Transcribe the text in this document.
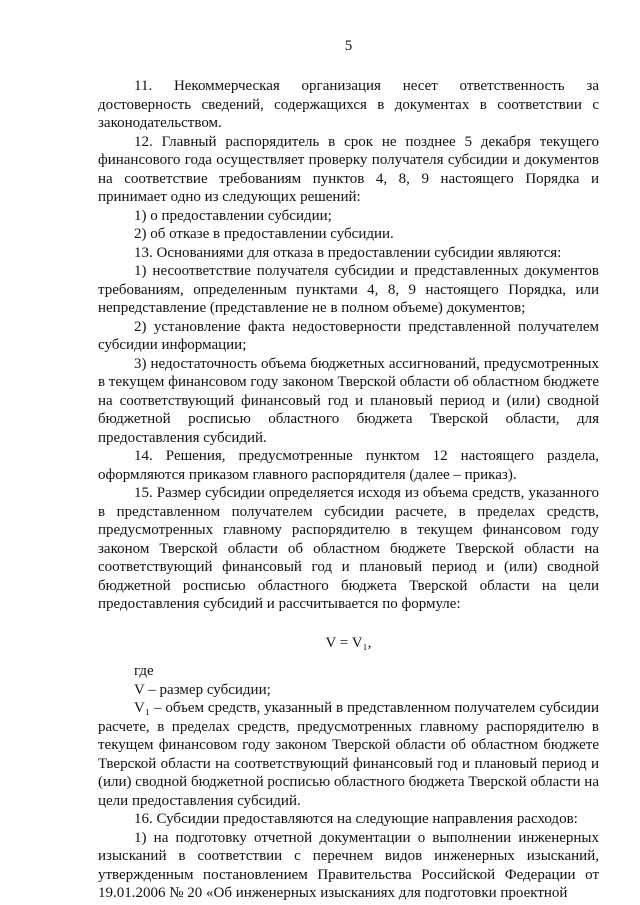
5

11. Некоммерческая организация несет ответственность за достоверность сведений, содержащихся в документах в соответствии с законодательством.

12. Главный распорядитель в срок не позднее 5 декабря текущего финансового года осуществляет проверку получателя субсидии и документов на соответствие требованиям пунктов 4, 8, 9 настоящего Порядка и принимает одно из следующих решений:

1) о предоставлении субсидии;

2) об отказе в предоставлении субсидии.

13. Основаниями для отказа в предоставлении субсидии являются:

1) несоответствие получателя субсидии и представленных документов требованиям, определенным пунктами 4, 8, 9 настоящего Порядка, или непредставление (представление не в полном объеме) документов;

2) установление факта недостоверности представленной получателем субсидии информации;

3) недостаточность объема бюджетных ассигнований, предусмотренных в текущем финансовом году законом Тверской области об областном бюджете на соответствующий финансовый год и плановый период и (или) сводной бюджетной росписью областного бюджета Тверской области, для предоставления субсидий.

14. Решения, предусмотренные пунктом 12 настоящего раздела, оформляются приказом главного распорядителя (далее – приказ).

15. Размер субсидии определяется исходя из объема средств, указанного в представленном получателем субсидии расчете, в пределах средств, предусмотренных главному распорядителю в текущем финансовом году законом Тверской области об областном бюджете Тверской области на соответствующий финансовый год и плановый период и (или) сводной бюджетной росписью областного бюджета Тверской области на цели предоставления субсидий и рассчитывается по формуле:

V = V₁,

где

V – размер субсидии;

V₁ – объем средств, указанный в представленном получателем субсидии расчете, в пределах средств, предусмотренных главному распорядителю в текущем финансовом году законом Тверской области об областном бюджете Тверской области на соответствующий финансовый год и плановый период и (или) сводной бюджетной росписью областного бюджета Тверской области на цели предоставления субсидий.

16. Субсидии предоставляются на следующие направления расходов:

1) на подготовку отчетной документации о выполнении инженерных изысканий в соответствии с перечнем видов инженерных изысканий, утвержденным постановлением Правительства Российской Федерации от 19.01.2006 № 20 «Об инженерных изысканиях для подготовки проектной
